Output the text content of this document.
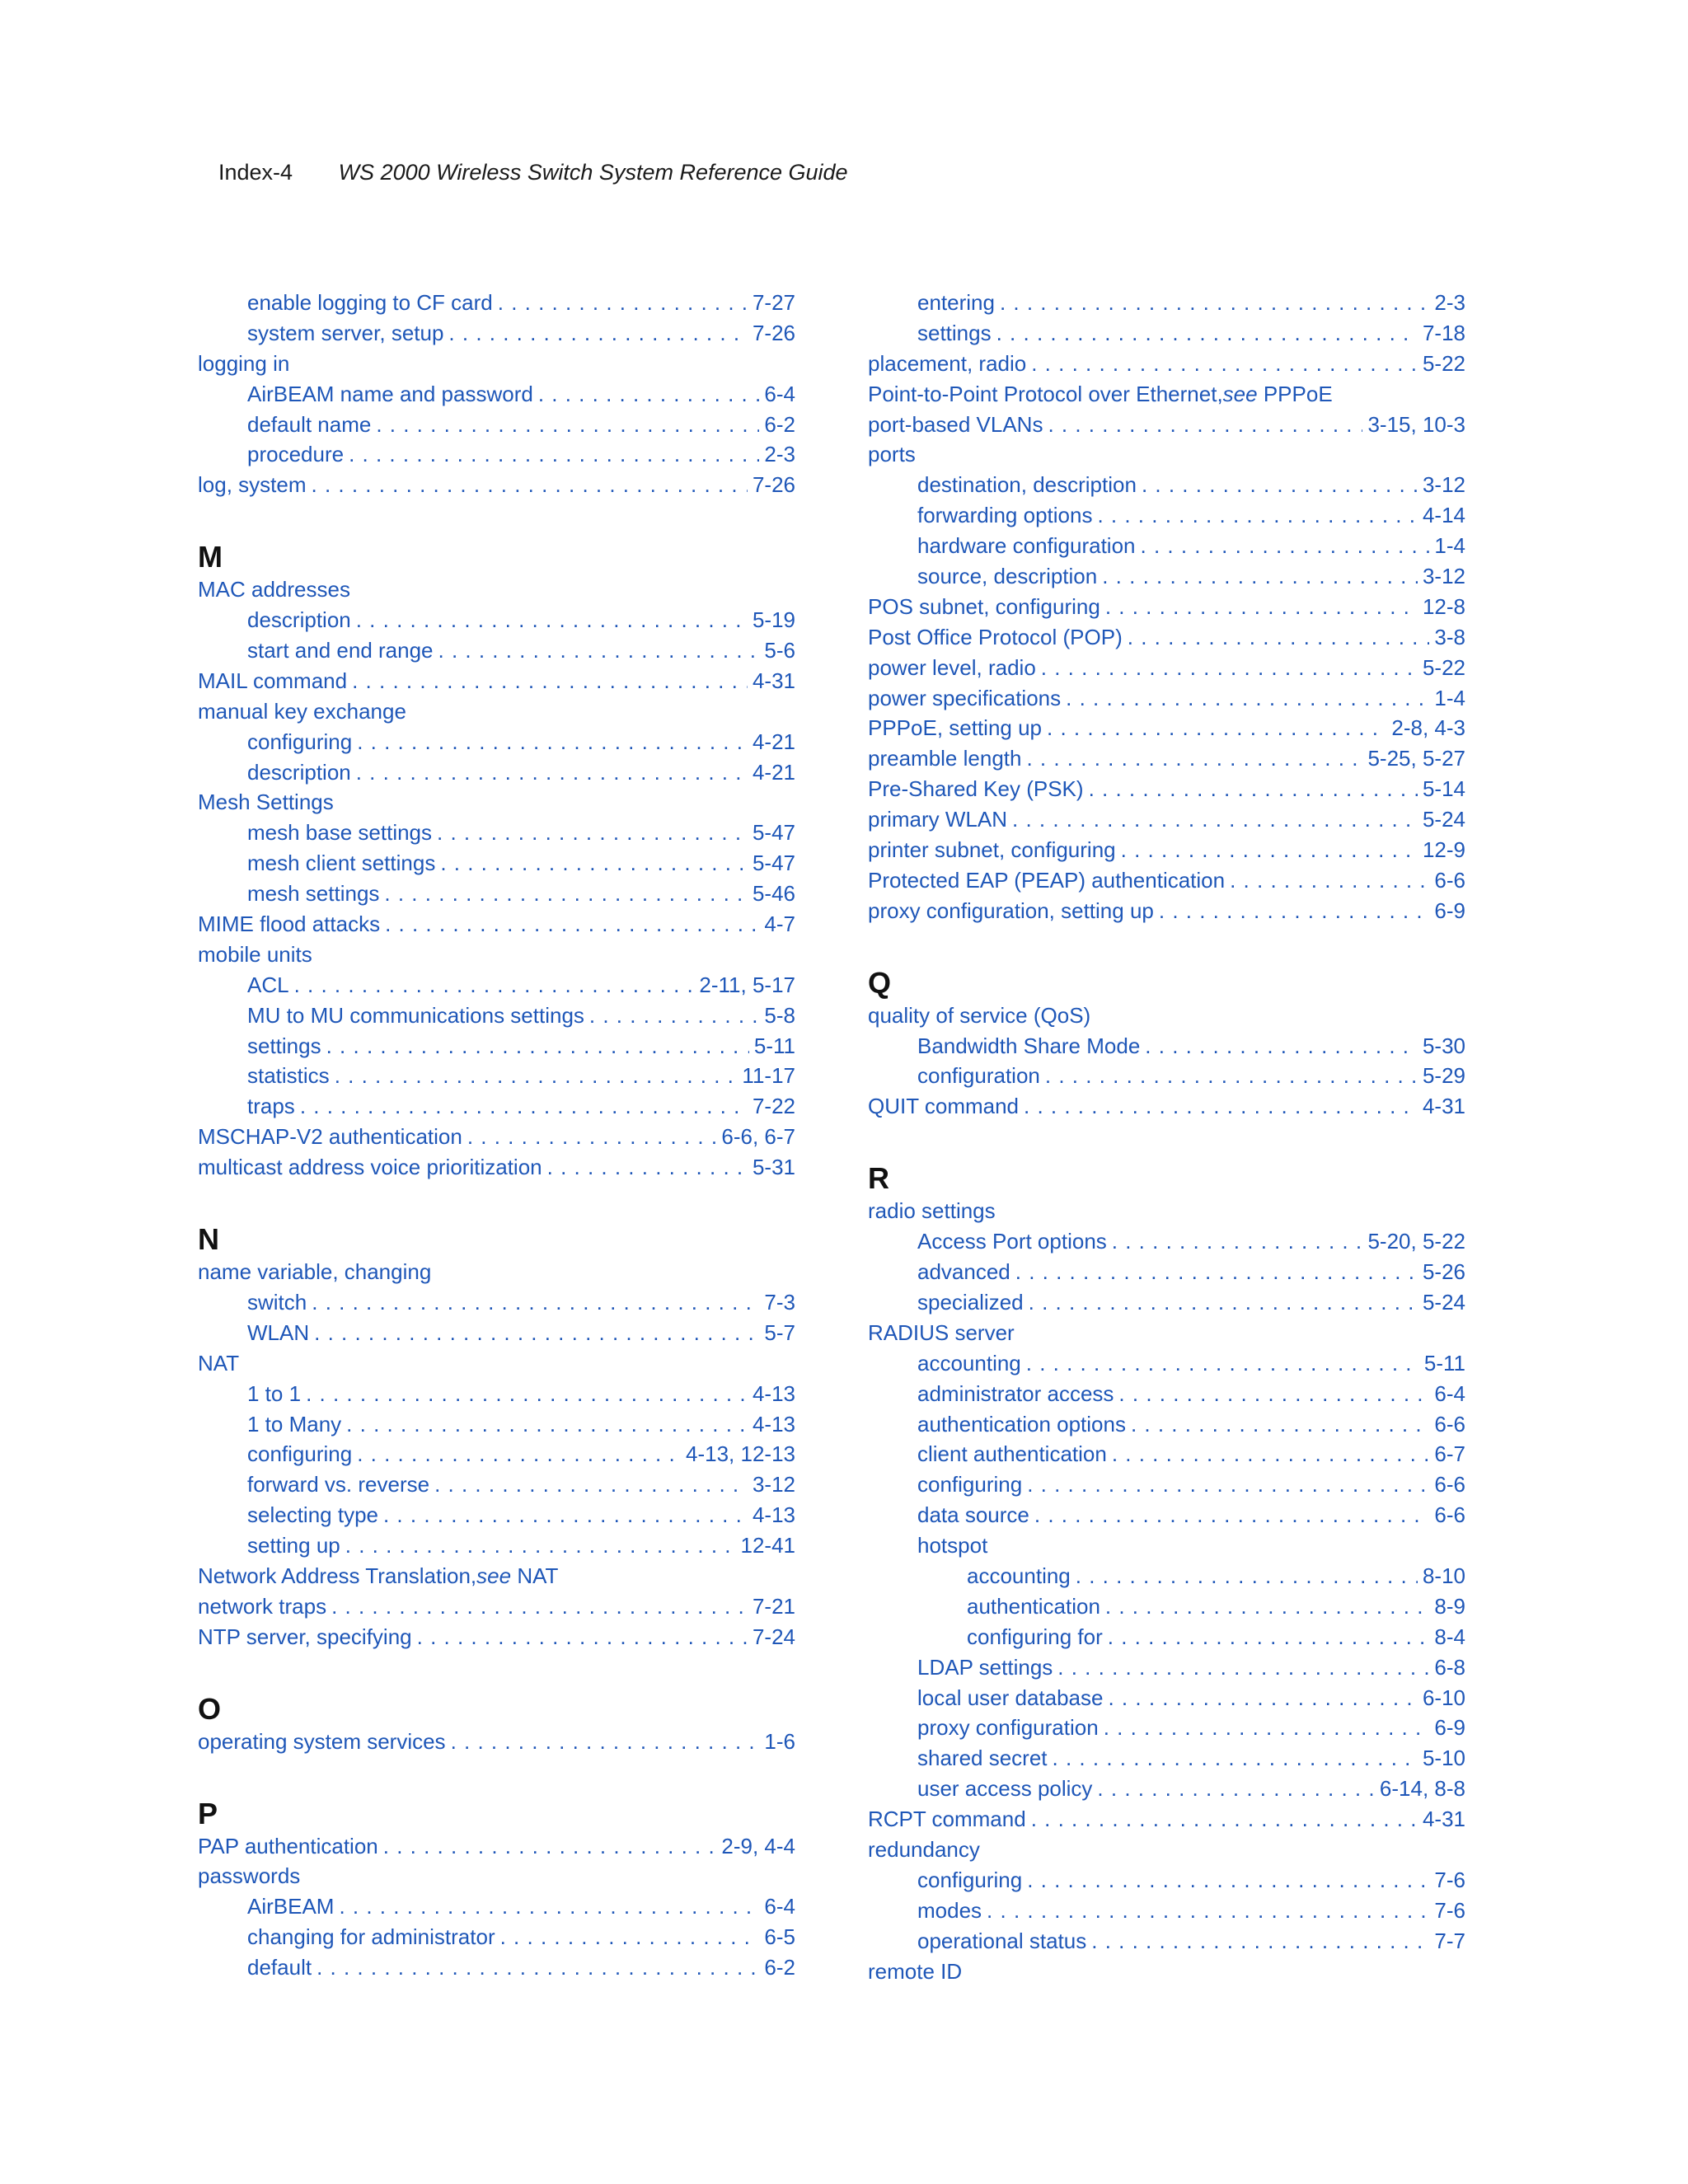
Index-4 WS 2000 Wireless Switch System Reference Guide
enable logging to CF card . . .	7-27
system server, setup . . .	7-26
logging in
AirBEAM name and password . . .	6-4
default name . . .	6-2
procedure . . .	2-3
log, system . . .	7-26
M
MAC addresses
description . . .	5-19
start and end range . . .	5-6
MAIL command . . .	4-31
manual key exchange
configuring . . .	4-21
description . . .	4-21
Mesh Settings
mesh base settings . . .	5-47
mesh client settings . . .	5-47
mesh settings . . .	5-46
MIME flood attacks . . .	4-7
mobile units
ACL . . .	2-11, 5-17
MU to MU communications settings . . .	5-8
settings . . .	5-11
statistics . . .	11-17
traps . . .	7-22
MSCHAP-V2 authentication . . .	6-6, 6-7
multicast address voice prioritization . . .	5-31
N
name variable, changing
switch . . .	7-3
WLAN . . .	5-7
NAT
1 to 1 . . .	4-13
1 to Many . . .	4-13
configuring . . .	4-13, 12-13
forward vs. reverse . . .	3-12
selecting type . . .	4-13
setting up . . .	12-41
Network Address Translation, see
NAT
network traps . . .	7-21
NTP server, specifying . . .	7-24
O
operating system services . . .	1-6
P
PAP authentication . . .	2-9, 4-4
passwords
AirBEAM . . .	6-4
changing for administrator . . .	6-5
default . . .	6-2
entering . . .	2-3
settings . . .	7-18
placement, radio . . .	5-22
Point-to-Point Protocol over Ethernet, see
PPPoE
port-based VLANs . . .	3-15, 10-3
ports
destination, description . . .	3-12
forwarding options . . .	4-14
hardware configuration . . .	1-4
source, description . . .	3-12
POS subnet, configuring . . .	12-8
Post Office Protocol (POP) . . .	3-8
power level, radio . . .	5-22
power specifications . . .	1-4
PPPoE, setting up . . .	2-8, 4-3
preamble length . . .	5-25, 5-27
Pre-Shared Key (PSK) . . .	5-14
primary WLAN . . .	5-24
printer subnet, configuring . . .	12-9
Protected EAP (PEAP) authentication . . .	6-6
proxy configuration, setting up . . .	6-9
Q
quality of service (QoS)
Bandwidth Share Mode . . .	5-30
configuration . . .	5-29
QUIT command . . .	4-31
R
radio settings
Access Port options . . .	5-20, 5-22
advanced . . .	5-26
specialized . . .	5-24
RADIUS server
accounting . . .	5-11
administrator access . . .	6-4
authentication options . . .	6-6
client authentication . . .	6-7
configuring . . .	6-6
data source . . .	6-6
hotspot
accounting . . .	8-10
authentication . . .	8-9
configuring for . . .	8-4
LDAP settings . . .	6-8
local user database . . .	6-10
proxy configuration . . .	6-9
shared secret . . .	5-10
user access policy . . .	6-14, 8-8
RCPT command . . .	4-31
redundancy
configuring . . .	7-6
modes . . .	7-6
operational status . . .	7-7
remote ID
